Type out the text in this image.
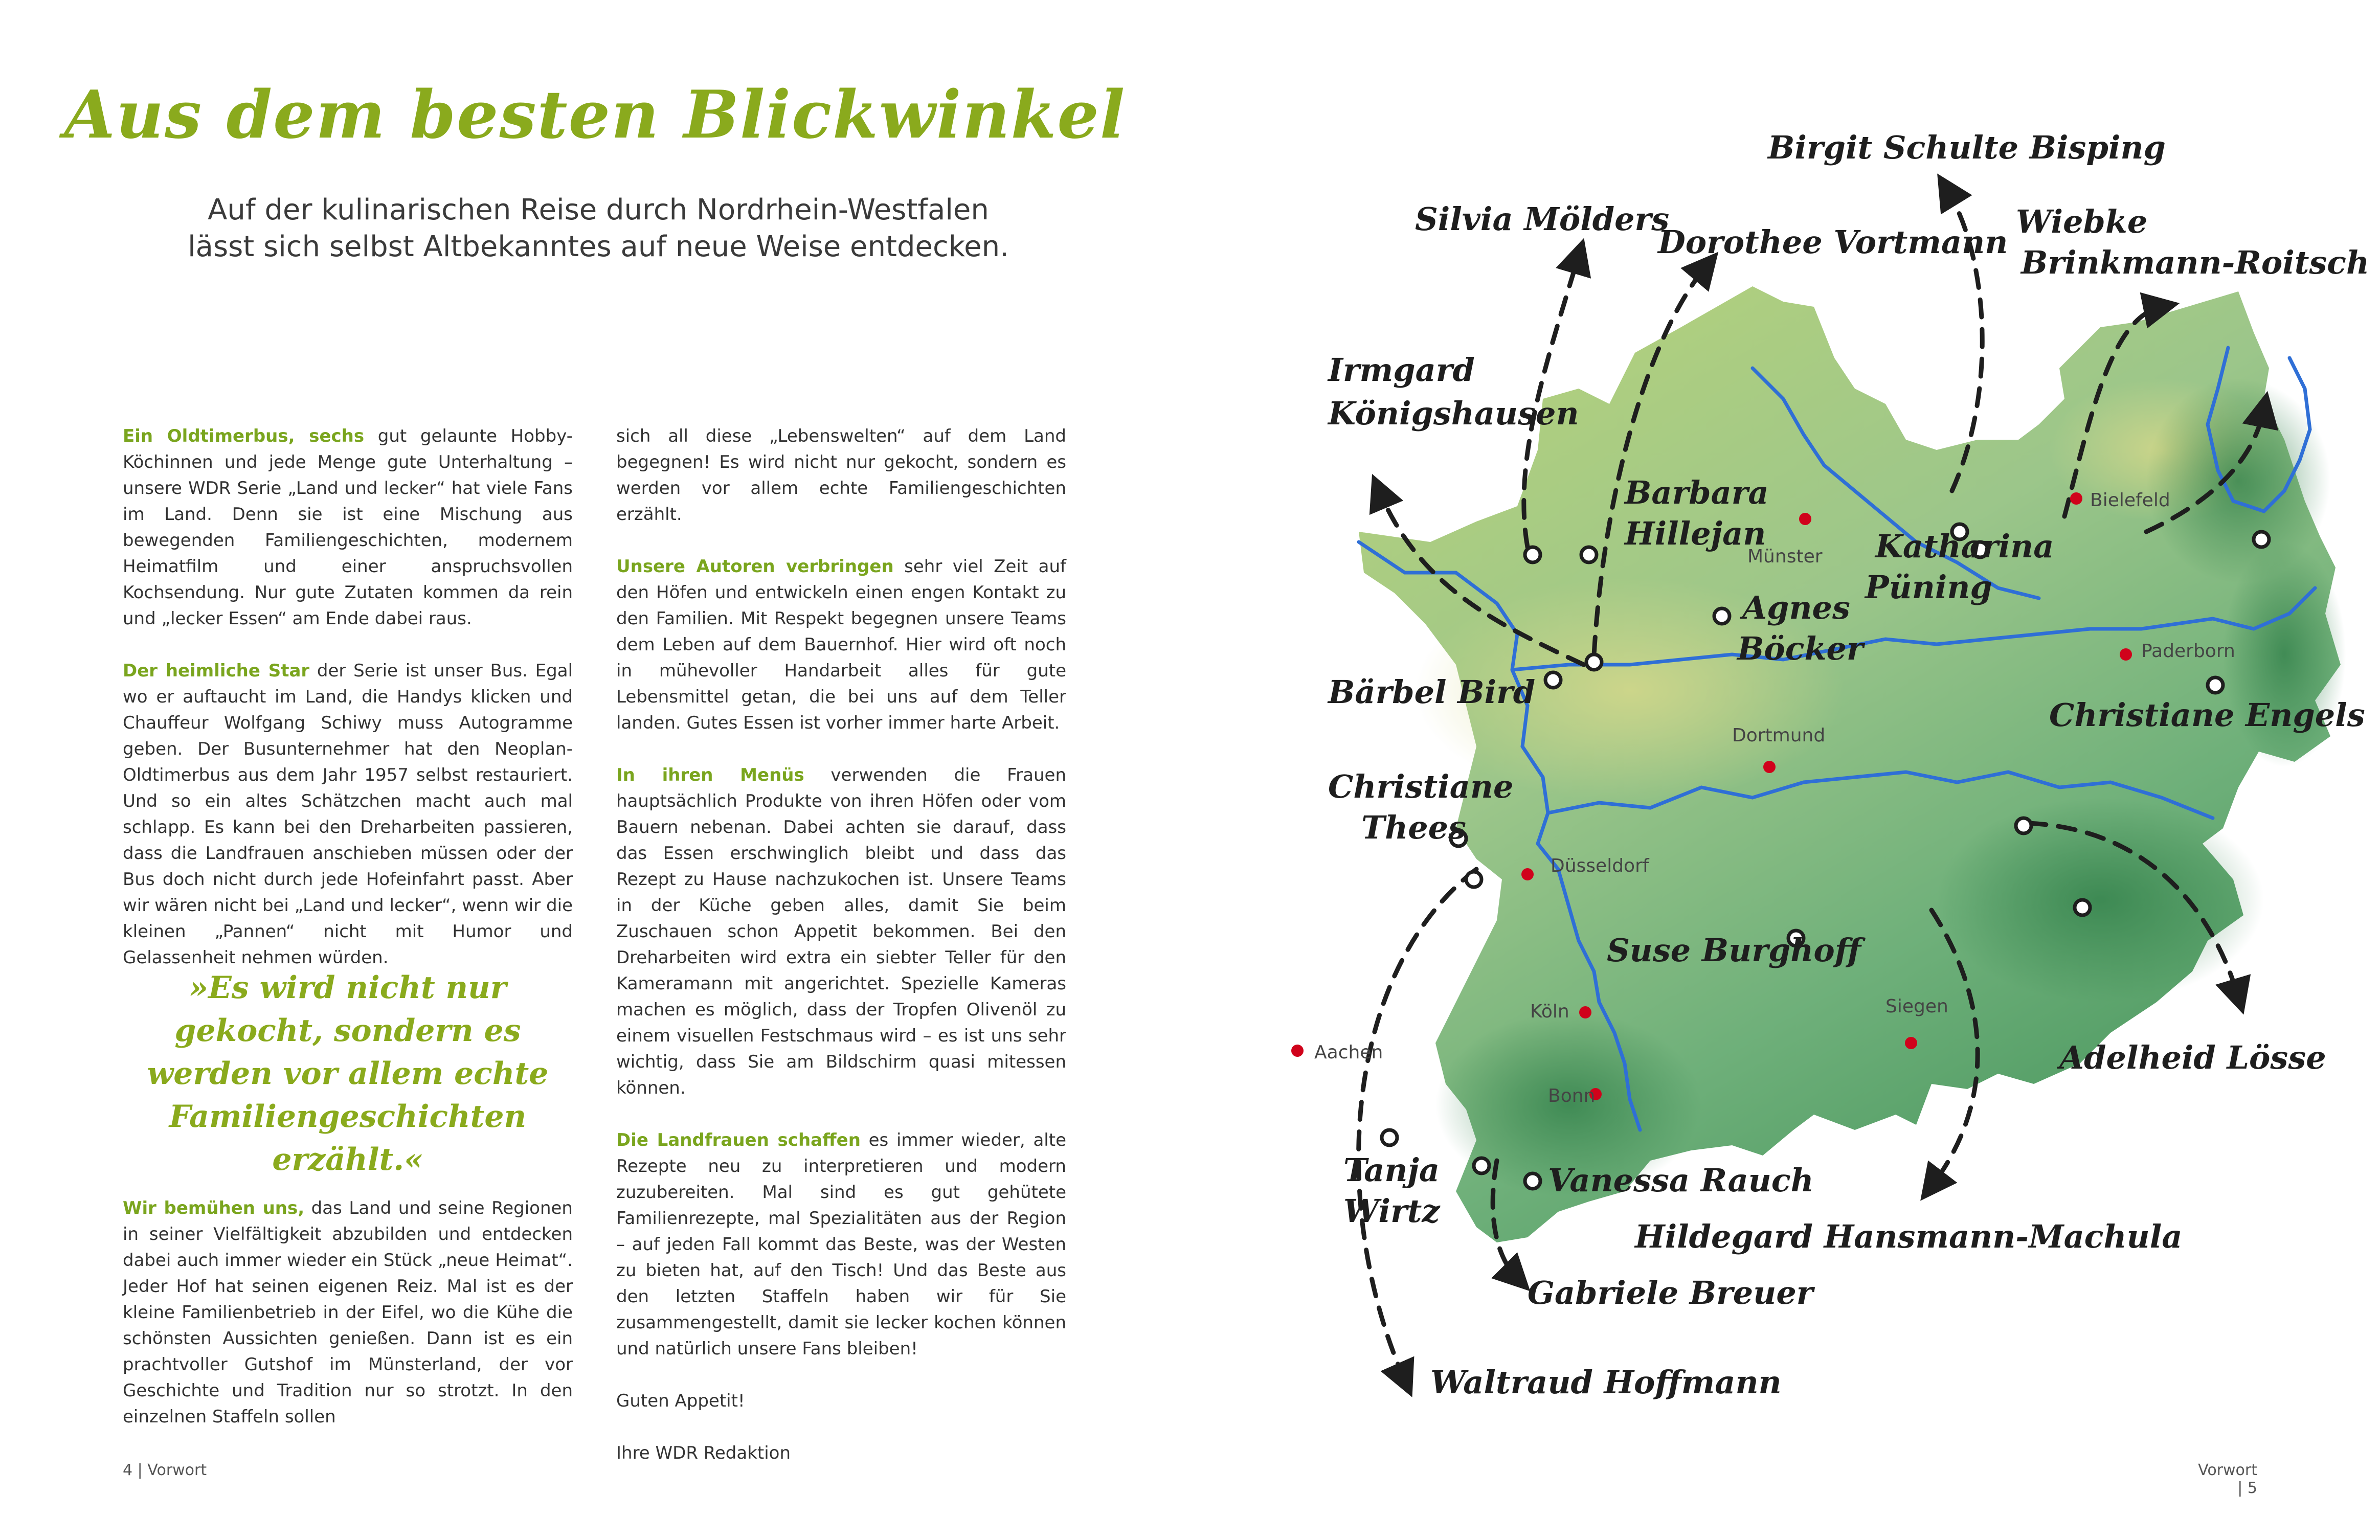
Aus dem besten Blickwinkel
Auf der kulinarischen Reise durch Nordrhein-Westfalen
lässt sich selbst Altbekanntes auf neue Weise entdecken.

Ein Oldtimerbus, sechs gut gelaunte Hobby-Köchinnen und jede Menge gute Unterhaltung – unsere WDR Serie „Land und lecker“ hat viele Fans im Land. Denn sie ist eine Mischung aus bewegenden Familiengeschichten, modernem Heimatfilm und einer anspruchsvollen Kochsendung. Nur gute Zutaten kommen da rein und „lecker Essen“ am Ende dabei raus.

Der heimliche Star der Serie ist unser Bus. Egal wo er auftaucht im Land, die Handys klicken und Chauffeur Wolfgang Schiwy muss Autogramme geben. Der Busunternehmer hat den Neoplan-Oldtimerbus aus dem Jahr 1957 selbst restauriert. Und so ein altes Schätzchen macht auch mal schlapp. Es kann bei den Dreharbeiten passieren, dass die Landfrauen anschieben müssen oder der Bus doch nicht durch jede Hofeinfahrt passt. Aber wir wären nicht bei „Land und lecker“, wenn wir die kleinen „Pannen“ nicht mit Humor und Gelassenheit nehmen würden.

»Es wird nicht nur gekocht, sondern es werden vor allem echte Familiengeschichten erzählt.«

Wir bemühen uns, das Land und seine Regionen in seiner Vielfältigkeit abzubilden und entdecken dabei auch immer wieder ein Stück „neue Heimat“. Jeder Hof hat seinen eigenen Reiz. Mal ist es der kleine Familienbetrieb in der Eifel, wo die Kühe die schönsten Aussichten genießen. Dann ist es ein prachtvoller Gutshof im Münsterland, der vor Geschichte und Tradition nur so strotzt. In den einzelnen Staffeln sollen

sich all diese „Lebenswelten“ auf dem Land begegnen! Es wird nicht nur gekocht, sondern es werden vor allem echte Familiengeschichten erzählt.

Unsere Autoren verbringen sehr viel Zeit auf den Höfen und entwickeln einen engen Kontakt zu den Familien. Mit Respekt begegnen unsere Teams dem Leben auf dem Bauernhof. Hier wird oft noch in mühevoller Handarbeit alles für gute Lebensmittel getan, die bei uns auf dem Teller landen. Gutes Essen ist vorher immer harte Arbeit.

In ihren Menüs verwenden die Frauen hauptsächlich Produkte von ihren Höfen oder vom Bauern nebenan. Dabei achten sie darauf, dass das Essen erschwinglich bleibt und dass das Rezept zu Hause nachzukochen ist. Unsere Teams in der Küche geben alles, damit Sie beim Zuschauen schon Appetit bekommen. Bei den Dreharbeiten wird extra ein siebter Teller für den Kameramann mit angerichtet. Spezielle Kameras machen es möglich, dass der Tropfen Olivenöl zu einem visuellen Festschmaus wird – es ist uns sehr wichtig, dass Sie am Bildschirm quasi mitessen können.

Die Landfrauen schaffen es immer wieder, alte Rezepte neu zu interpretieren und modern zuzubereiten. Mal sind es gut gehütete Familienrezepte, mal Spezialitäten aus der Region – auf jeden Fall kommt das Beste, was der Westen zu bieten hat, auf den Tisch! Und das Beste aus den letzten Staffeln haben wir für Sie zusammengestellt, damit sie lecker kochen können und natürlich unsere Fans bleiben!

Guten Appetit!

Ihre WDR Redaktion

4 | Vorwort
Münster
Bielefeld
Paderborn
Dortmund
Düsseldorf
Köln
Bonn
Aachen
Siegen
Birgit Schulte Bisping
Silvia Mölders
Dorothee Vortmann
Wiebke
Brinkmann-Roitsch
Irmgard
Königshausen
Barbara
Hillejan	Katharina
Püning
Agnes
Böcker
Bärbel Bird
Christiane Engels
Christiane
Thees
Suse Burghoff
Adelheid Lösse
Tanja
Wirtz
Vanessa Rauch
Hildegard Hansmann-Machula
Gabriele Breuer
Waltraud Hoffmann
Vorwort | 5
